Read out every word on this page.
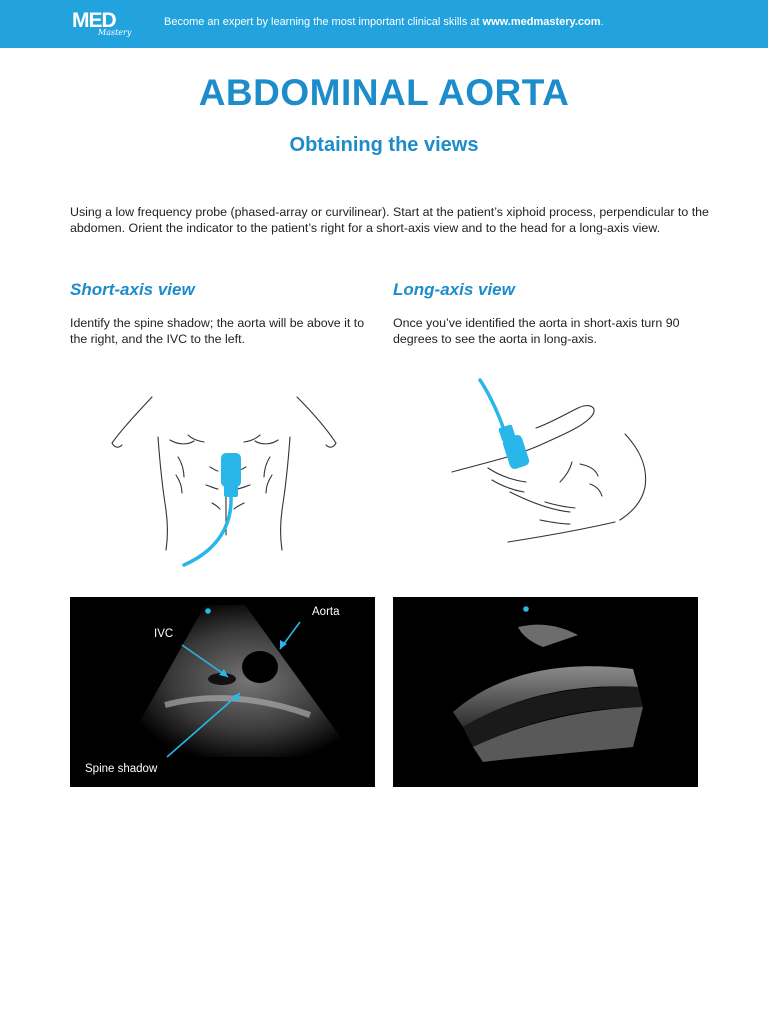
MED
Mastery
Become an expert by learning the most important clinical skills at www.medmastery.com.
ABDOMINAL AORTA
Obtaining the views
Using a low frequency probe (phased-array or curvilinear). Start at the patient’s xiphoid process, perpendicular to the abdomen. Orient the indicator to the patient’s right for a short-axis view and to the head for a long-axis view.
Short-axis view	Long-axis view
Identify the spine shadow; the aorta will be above it to the right, and the IVC to the left.
Once you’ve identified the aorta in short-axis turn 90 degrees to see the aorta in long-axis.
IVC
Aorta
Spine shadow
